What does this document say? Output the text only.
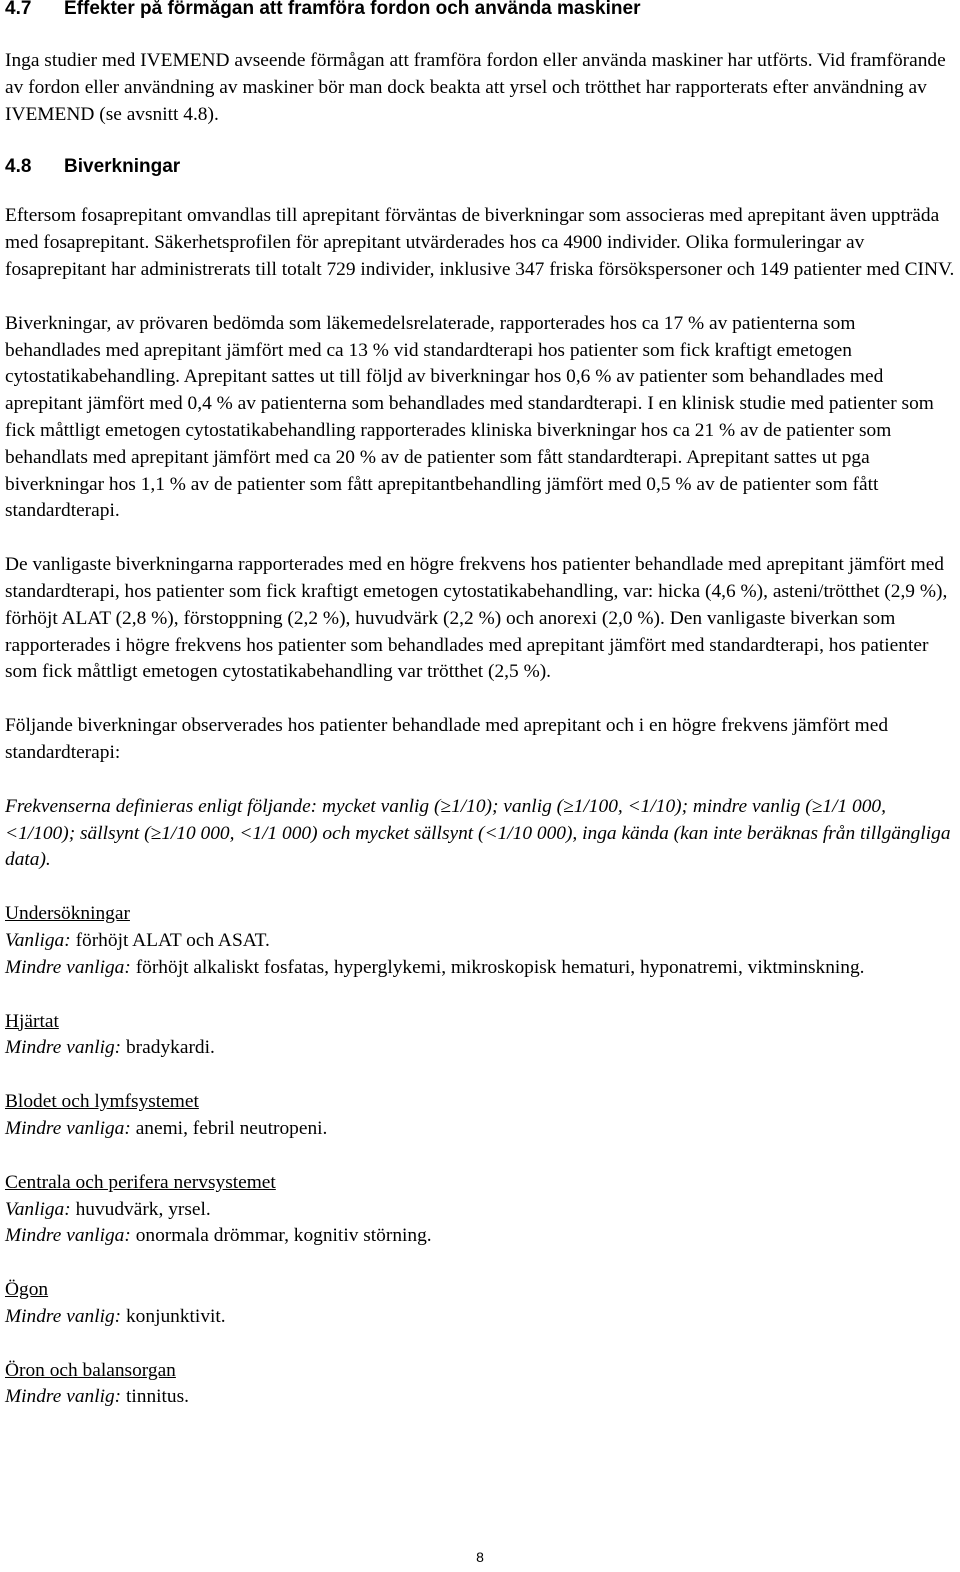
4.7	Effekter på förmågan att framföra fordon och använda maskiner

Inga studier med IVEMEND avseende förmågan att framföra fordon eller använda maskiner har utförts. Vid framförande av fordon eller användning av maskiner bör man dock beakta att yrsel och trötthet har rapporterats efter användning av IVEMEND (se avsnitt 4.8).

4.8	Biverkningar

Eftersom fosaprepitant omvandlas till aprepitant förväntas de biverkningar som associeras med aprepitant även uppträda med fosaprepitant. Säkerhetsprofilen för aprepitant utvärderades hos ca 4900 individer. Olika formuleringar av fosaprepitant har administrerats till totalt 729 individer, inklusive 347 friska försökspersoner och 149 patienter med CINV.

Biverkningar, av prövaren bedömda som läkemedelsrelaterade, rapporterades hos ca 17 % av patienterna som behandlades med aprepitant jämfört med ca 13 % vid standardterapi hos patienter som fick kraftigt emetogen cytostatikabehandling. Aprepitant sattes ut till följd av biverkningar hos 0,6 % av patienter som behandlades med aprepitant jämfört med 0,4 % av patienterna som behandlades med standardterapi. I en klinisk studie med patienter som fick måttligt emetogen cytostatikabehandling rapporterades kliniska biverkningar hos ca 21 % av de patienter som behandlats med aprepitant jämfört med ca 20 % av de patienter som fått standardterapi. Aprepitant sattes ut pga biverkningar hos 1,1 % av de patienter som fått aprepitantbehandling jämfört med 0,5 % av de patienter som fått standardterapi.

De vanligaste biverkningarna rapporterades med en högre frekvens hos patienter behandlade med aprepitant jämfört med standardterapi, hos patienter som fick kraftigt emetogen cytostatikabehandling, var: hicka (4,6 %), asteni/trötthet (2,9 %), förhöjt ALAT (2,8 %), förstoppning (2,2 %), huvudvärk (2,2 %) och anorexi (2,0 %). Den vanligaste biverkan som rapporterades i högre frekvens hos patienter som behandlades med aprepitant jämfört med standardterapi, hos patienter som fick måttligt emetogen cytostatikabehandling var trötthet (2,5 %).

Följande biverkningar observerades hos patienter behandlade med aprepitant och i en högre frekvens jämfört med standardterapi:

Frekvenserna definieras enligt följande: mycket vanlig (≥1/10); vanlig (≥1/100, <1/10); mindre vanlig (≥1/1 000, <1/100); sällsynt (≥1/10 000, <1/1 000) och mycket sällsynt (<1/10 000), inga kända (kan inte beräknas från tillgängliga data).

Undersökningar
Vanliga: förhöjt ALAT och ASAT.
Mindre vanliga: förhöjt alkaliskt fosfatas, hyperglykemi, mikroskopisk hematuri, hyponatremi, viktminskning.
Hjärtat
Mindre vanlig: bradykardi.
Blodet och lymfsystemet
Mindre vanliga: anemi, febril neutropeni.
Centrala och perifera nervsystemet
Vanliga: huvudvärk, yrsel.
Mindre vanliga: onormala drömmar, kognitiv störning.
Ögon
Mindre vanlig: konjunktivit.
Öron och balansorgan
Mindre vanlig: tinnitus.
8
